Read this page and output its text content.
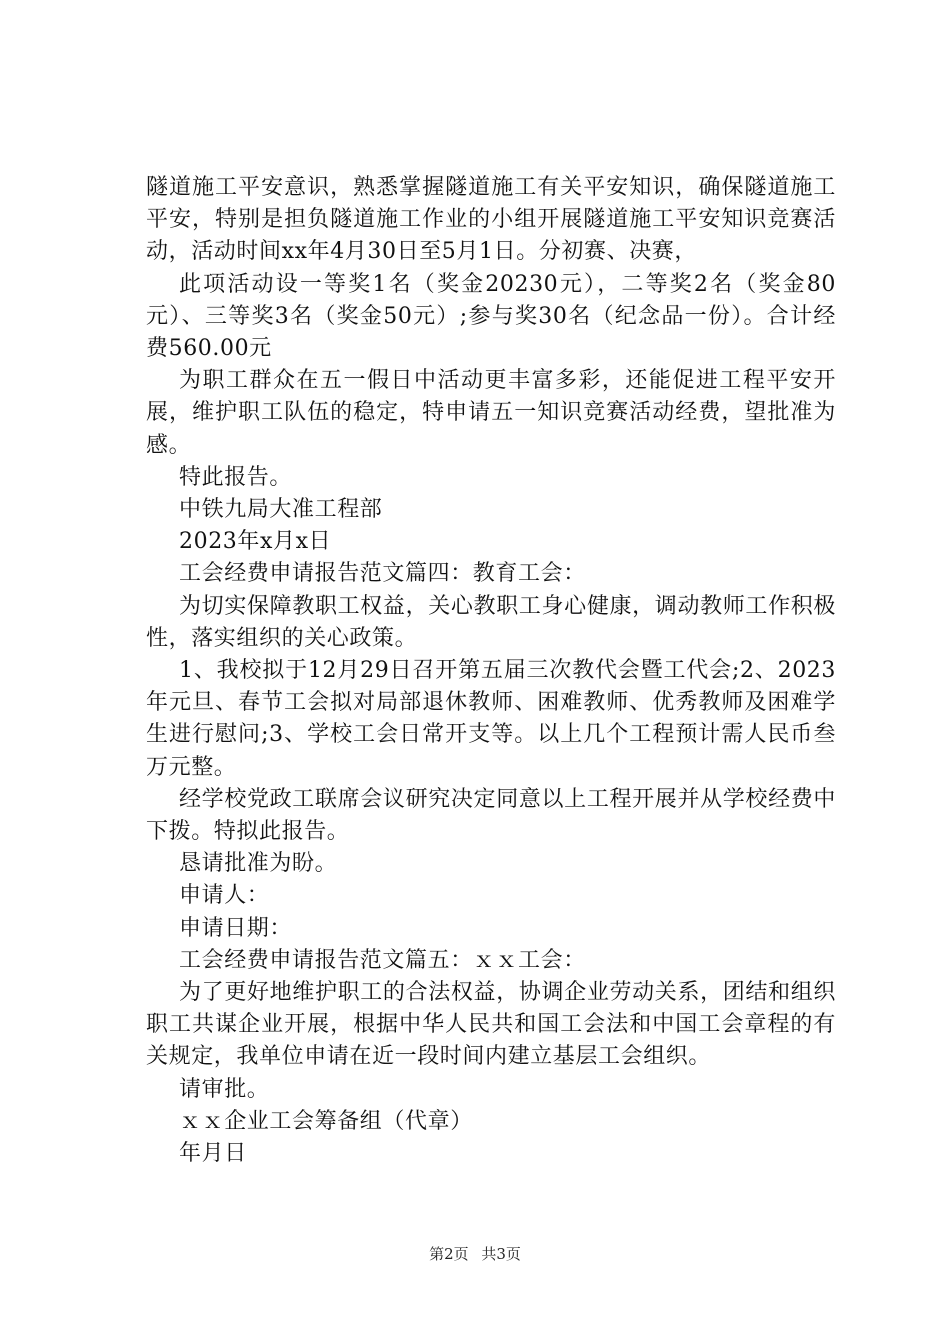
隧道施工平安意识，熟悉掌握隧道施工有关平安知识，确保隧道施工平安，特别是担负隧道施工作业的小组开展隧道施工平安知识竞赛活动，活动时间xx年4月30日至5月1日。分初赛、决赛，

此项活动设一等奖1名（奖金20230元），二等奖2名（奖金80元）、三等奖3名（奖金50元）;参与奖30名（纪念品一份）。合计经费560.00元

为职工群众在五一假日中活动更丰富多彩，还能促进工程平安开展，维护职工队伍的稳定，特申请五一知识竞赛活动经费，望批准为感。

特此报告。

中铁九局大准工程部

2023年x月x日

工会经费申请报告范文篇四：教育工会：

为切实保障教职工权益，关心教职工身心健康，调动教师工作积极性，落实组织的关心政策。

1、我校拟于12月29日召开第五届三次教代会暨工代会;2、2023年元旦、春节工会拟对局部退休教师、困难教师、优秀教师及困难学生进行慰问;3、学校工会日常开支等。以上几个工程预计需人民币叁万元整。

经学校党政工联席会议研究决定同意以上工程开展并从学校经费中下拨。特拟此报告。

恳请批准为盼。

申请人：

申请日期：

工会经费申请报告范文篇五：ｘｘ工会：

为了更好地维护职工的合法权益，协调企业劳动关系，团结和组织职工共谋企业开展，根据中华人民共和国工会法和中国工会章程的有关规定，我单位申请在近一段时间内建立基层工会组织。

请审批。

ｘｘ企业工会筹备组（代章）

年月日

第2页 共3页
